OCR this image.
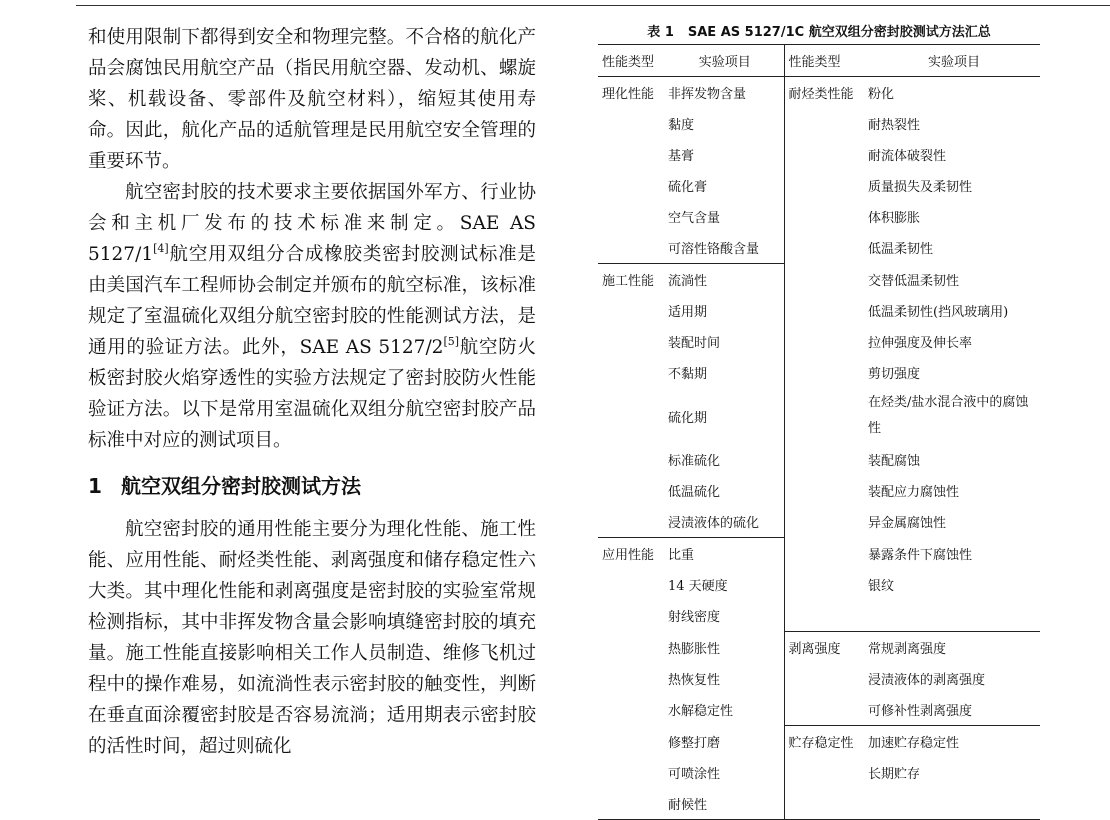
和使用限制下都得到安全和物理完整。不合格的航化产品会腐蚀民用航空产品（指民用航空器、发动机、螺旋桨、机载设备、零部件及航空材料），缩短其使用寿命。因此，航化产品的适航管理是民用航空安全管理的重要环节。

航空密封胶的技术要求主要依据国外军方、行业协会和主机厂发布的技术标准来制定。SAE AS 5127/1[4]航空用双组分合成橡胶类密封胶测试标准是由美国汽车工程师协会制定并颁布的航空标准，该标准规定了室温硫化双组分航空密封胶的性能测试方法，是通用的验证方法。此外，SAE AS 5127/2[5]航空防火板密封胶火焰穿透性的实验方法规定了密封胶防火性能验证方法。以下是常用室温硫化双组分航空密封胶产品标准中对应的测试项目。

1 航空双组分密封胶测试方法

航空密封胶的通用性能主要分为理化性能、施工性能、应用性能、耐烃类性能、剥离强度和储存稳定性六大类。其中理化性能和剥离强度是密封胶的实验室常规检测指标，其中非挥发物含量会影响填缝密封胶的填充量。施工性能直接影响相关工作人员制造、维修飞机过程中的操作难易，如流淌性表示密封胶的触变性，判断在垂直面涂覆密封胶是否容易流淌；适用期表示密封胶的活性时间，超过则硫化

表 1 SAE AS 5127/1C 航空双组分密封胶测试方法汇总
性能类型	实验项目	性能类型	实验项目
理化性能	非挥发物含量	耐烃类性能	粉化
	黏度		耐热裂性
	基膏		耐流体破裂性
	硫化膏		质量损失及柔韧性
	空气含量		体积膨胀
	可溶性铬酸含量		低温柔韧性
施工性能	流淌性		交替低温柔韧性
	适用期		低温柔韧性(挡风玻璃用)
	装配时间		拉伸强度及伸长率
	不黏期		剪切强度
	硫化期		在烃类/盐水混合液中的腐蚀性
	标准硫化		装配腐蚀
	低温硫化		装配应力腐蚀性
	浸渍液体的硫化		异金属腐蚀性
应用性能	比重		暴露条件下腐蚀性
	14 天硬度		银纹
	射线密度		
	热膨胀性	剥离强度	常规剥离强度
	热恢复性		浸渍液体的剥离强度
	水解稳定性		可修补性剥离强度
	修整打磨	贮存稳定性	加速贮存稳定性
	可喷涂性		长期贮存
	耐候性		
